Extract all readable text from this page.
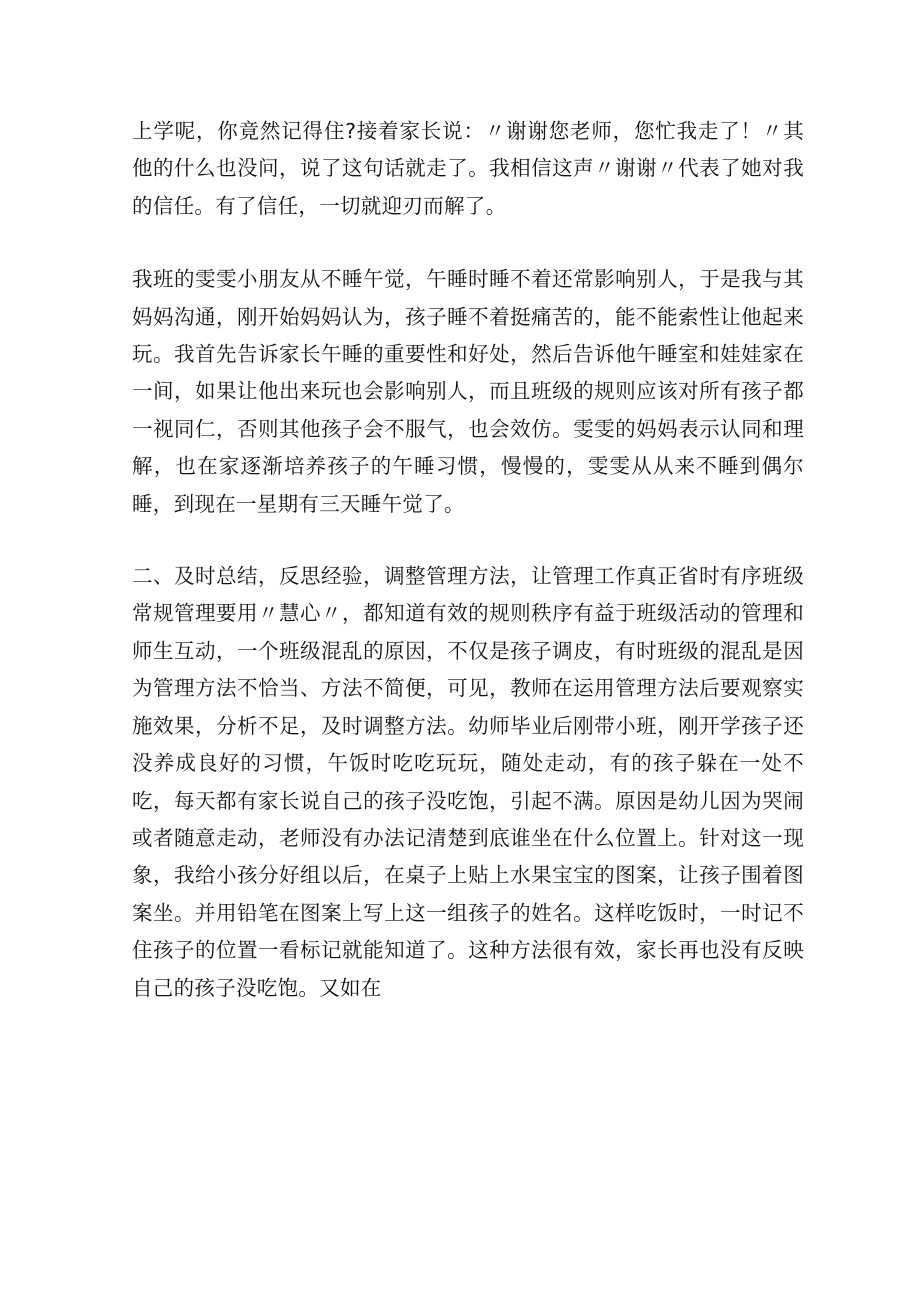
上学呢，你竟然记得住?接着家长说：〃谢谢您老师，您忙我走了！〃其他的什么也没问，说了这句话就走了。我相信这声〃谢谢〃代表了她对我的信任。有了信任，一切就迎刃而解了。

我班的雯雯小朋友从不睡午觉，午睡时睡不着还常影响别人，于是我与其妈妈沟通，刚开始妈妈认为，孩子睡不着挺痛苦的，能不能索性让他起来玩。我首先告诉家长午睡的重要性和好处，然后告诉他午睡室和娃娃家在一间，如果让他出来玩也会影响别人，而且班级的规则应该对所有孩子都一视同仁，否则其他孩子会不服气，也会效仿。雯雯的妈妈表示认同和理解，也在家逐渐培养孩子的午睡习惯，慢慢的，雯雯从从来不睡到偶尔睡，到现在一星期有三天睡午觉了。

二、及时总结，反思经验，调整管理方法，让管理工作真正省时有序班级常规管理要用〃慧心〃，都知道有效的规则秩序有益于班级活动的管理和师生互动，一个班级混乱的原因，不仅是孩子调皮，有时班级的混乱是因为管理方法不恰当、方法不简便，可见，教师在运用管理方法后要观察实施效果，分析不足，及时调整方法。幼师毕业后刚带小班，刚开学孩子还没养成良好的习惯，午饭时吃吃玩玩，随处走动，有的孩子躲在一处不吃，每天都有家长说自己的孩子没吃饱，引起不满。原因是幼儿因为哭闹或者随意走动，老师没有办法记清楚到底谁坐在什么位置上。针对这一现象，我给小孩分好组以后，在桌子上贴上水果宝宝的图案，让孩子围着图案坐。并用铅笔在图案上写上这一组孩子的姓名。这样吃饭时，一时记不住孩子的位置一看标记就能知道了。这种方法很有效，家长再也没有反映自己的孩子没吃饱。又如在
